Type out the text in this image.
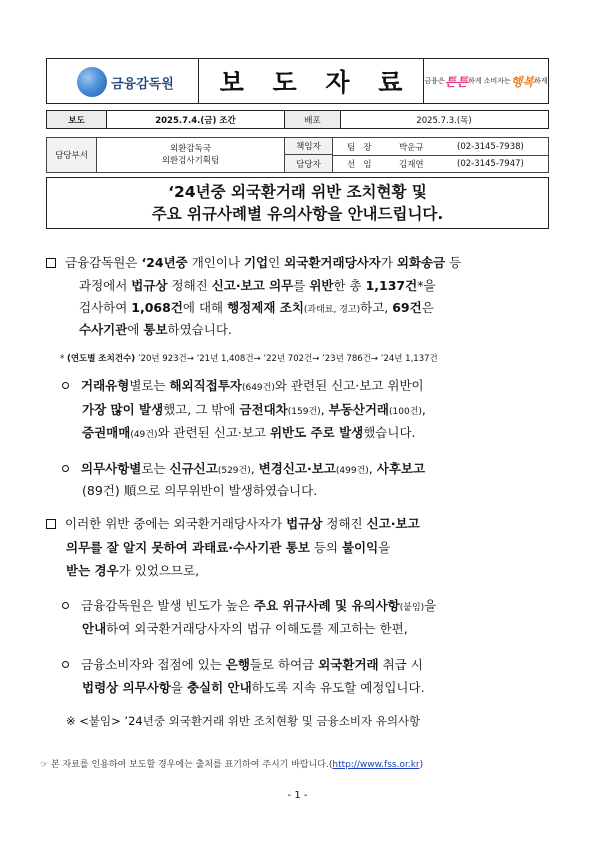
금융감독원 보 도 자 료 금융은 튼튼 하게 소비자는 행복 하게
보도	2025.7.4.(금) 조간	배포	2025.7.3.(목)
담당부서
외환감독국
외환검사기획팀
책임자	팀   장	박운규	(02-3145-7938)
담당자	선   임	김재연	(02-3145-7947)
‘24년중 외국환거래 위반 조치현황 및
주요 위규사례별 유의사항을 안내드립니다.
금융감독원은 ‘24년중 개인이나 기업인 외국환거래당사자가 외화송금 등
과정에서 법규상 정해진 신고·보고 의무를 위반한 총 1,137건*을
검사하여 1,068건에 대해 행정제재 조치(과태료, 경고)하고, 69건은
수사기관에 통보하였습니다.
* (연도별 조치건수) ’20년 923건→ ’21년 1,408건→ ’22년 702건→ ’23년 786건→ ’24년 1,137건
거래유형별로는 해외직접투자(649건)와 관련된 신고·보고 위반이
가장 많이 발생했고, 그 밖에 금전대차(159건), 부동산거래(100건),
증권매매(49건)와 관련된 신고·보고 위반도 주로 발생했습니다.
의무사항별로는 신규신고(529건), 변경신고·보고(499건), 사후보고
(89건) 順으로 의무위반이 발생하였습니다.
이러한 위반 중에는 외국환거래당사자가 법규상 정해진 신고·보고
의무를 잘 알지 못하여 과태료·수사기관 통보 등의 불이익을
받는 경우가 있었으므로,
금융감독원은 발생 빈도가 높은 주요 위규사례 및 유의사항(붙임)을
안내하여 외국환거래당사자의 법규 이해도를 제고하는 한편,
금융소비자와 접점에 있는 은행들로 하여금 외국환거래 취급 시
법령상 의무사항을 충실히 안내하도록 지속 유도할 예정입니다.
※ <붙임> ’24년중 외국환거래 위반 조치현황 및 금융소비자 유의사항
☞ 본 자료를 인용하여 보도할 경우에는 출처를 표기하여 주시기 바랍니다.(http://www.fss.or.kr)
- 1 -
